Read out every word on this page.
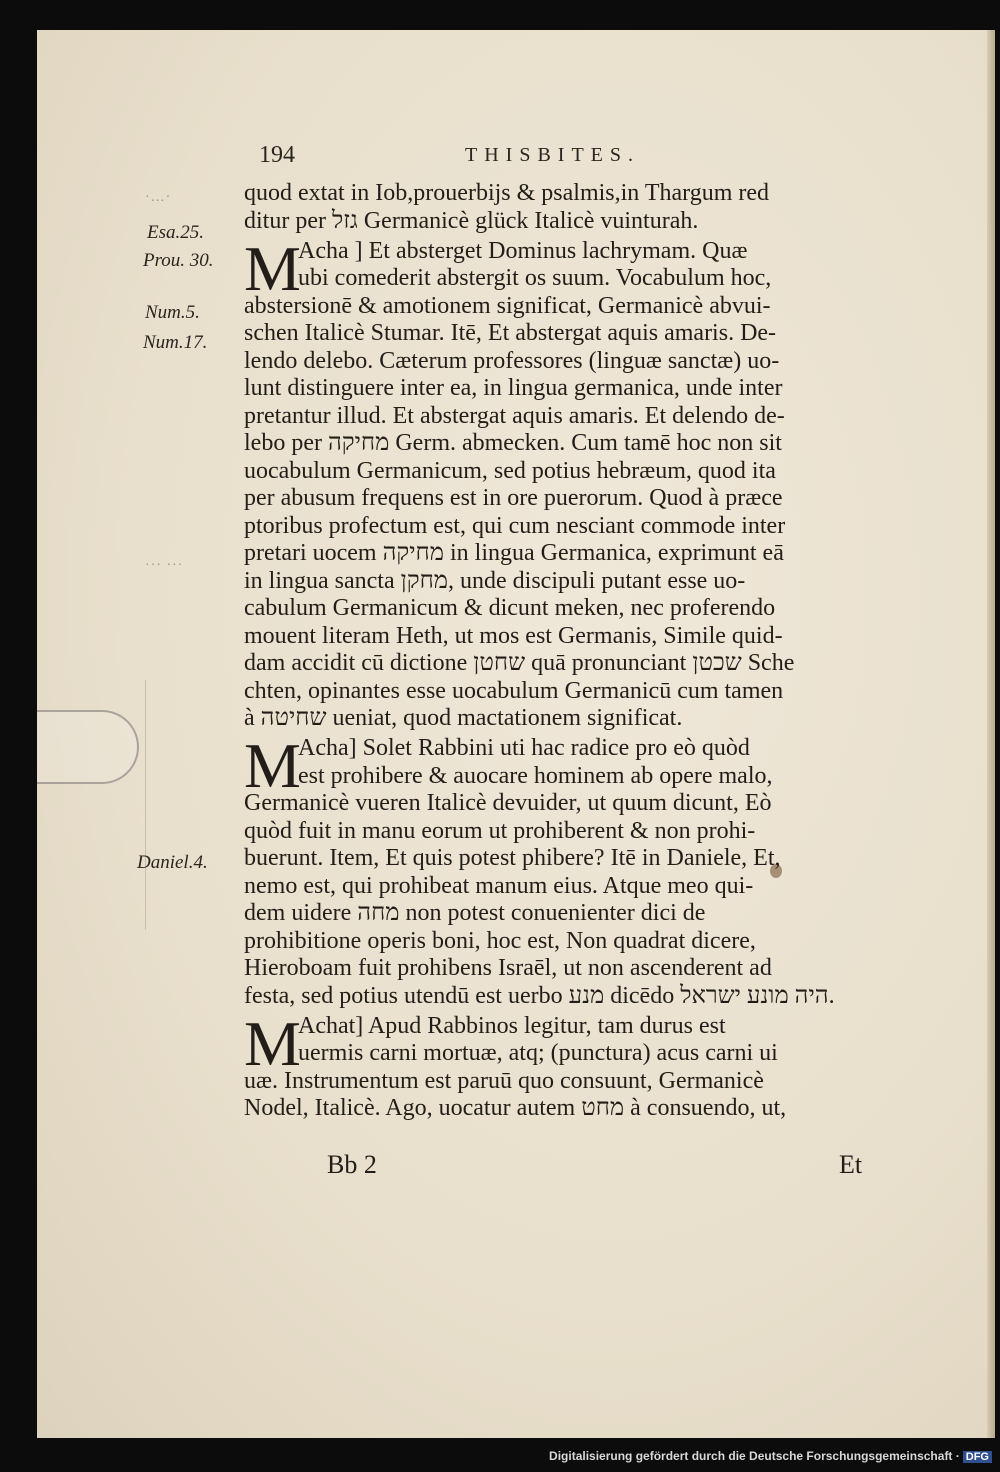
194	THISBITES.
·…·
Esa.25.
Prou. 30.
Num.5.
Num.17.
··· ···
Daniel.4.
quod extat in Iob,prouerbijs & psalmis,in Thargum red
ditur per גזל Germanicè glück Italicè vuinturah.
M
Acha ] Et absterget Dominus lachrymam. Quæ
ubi comederit abstergit os suum. Vocabulum hoc,
abstersionē & amotionem significat, Germanicè abvui-
schen Italicè Stumar. Itē, Et abstergat aquis amaris. De-
lendo delebo. Cæterum professores (linguæ sanctæ) uo-
lunt distinguere inter ea, in lingua germanica, unde inter
pretantur illud. Et abstergat aquis amaris. Et delendo de-
lebo per מחיקה Germ. abmecken. Cum tamē hoc non sit
uocabulum Germanicum, sed potius hebræum, quod ita
per abusum frequens est in ore puerorum. Quod à præce
ptoribus profectum est, qui cum nesciant commode inter
pretari uocem מחיקה in lingua Germanica, exprimunt eā
in lingua sancta מחקן, unde discipuli putant esse uo-
cabulum Germanicum & dicunt meken, nec proferendo
mouent literam Heth, ut mos est Germanis, Simile quid-
dam accidit cū dictione שחטן quā pronunciant שכטן Sche
chten, opinantes esse uocabulum Germanicū cum tamen
à שחיטה ueniat, quod mactationem significat.
M
Acha] Solet Rabbini uti hac radice pro eò quòd
est prohibere & auocare hominem ab opere malo,
Germanicè vueren Italicè devuider, ut quum dicunt, Eò
quòd fuit in manu eorum ut prohiberent & non prohi-
buerunt. Item, Et quis potest phibere? Itē in Daniele, Et,
nemo est, qui prohibeat manum eius. Atque meo qui-
dem uidere מחה non potest conuenienter dici de
prohibitione operis boni, hoc est, Non quadrat dicere,
Hieroboam fuit prohibens Israēl, ut non ascenderent ad
festa, sed potius utendū est uerbo מנע dicēdo היה מונע ישראל.
M
Achat] Apud Rabbinos legitur, tam durus est
uermis carni mortuæ, atq; (punctura) acus carni ui
uæ. Instrumentum est paruū quo consuunt, Germanicè
Nodel, Italicè. Ago, uocatur autem מחט à consuendo, ut,
Bb 2	Et
Digitalisierung gefördert durch die Deutsche Forschungsgemeinschaft · DFG
